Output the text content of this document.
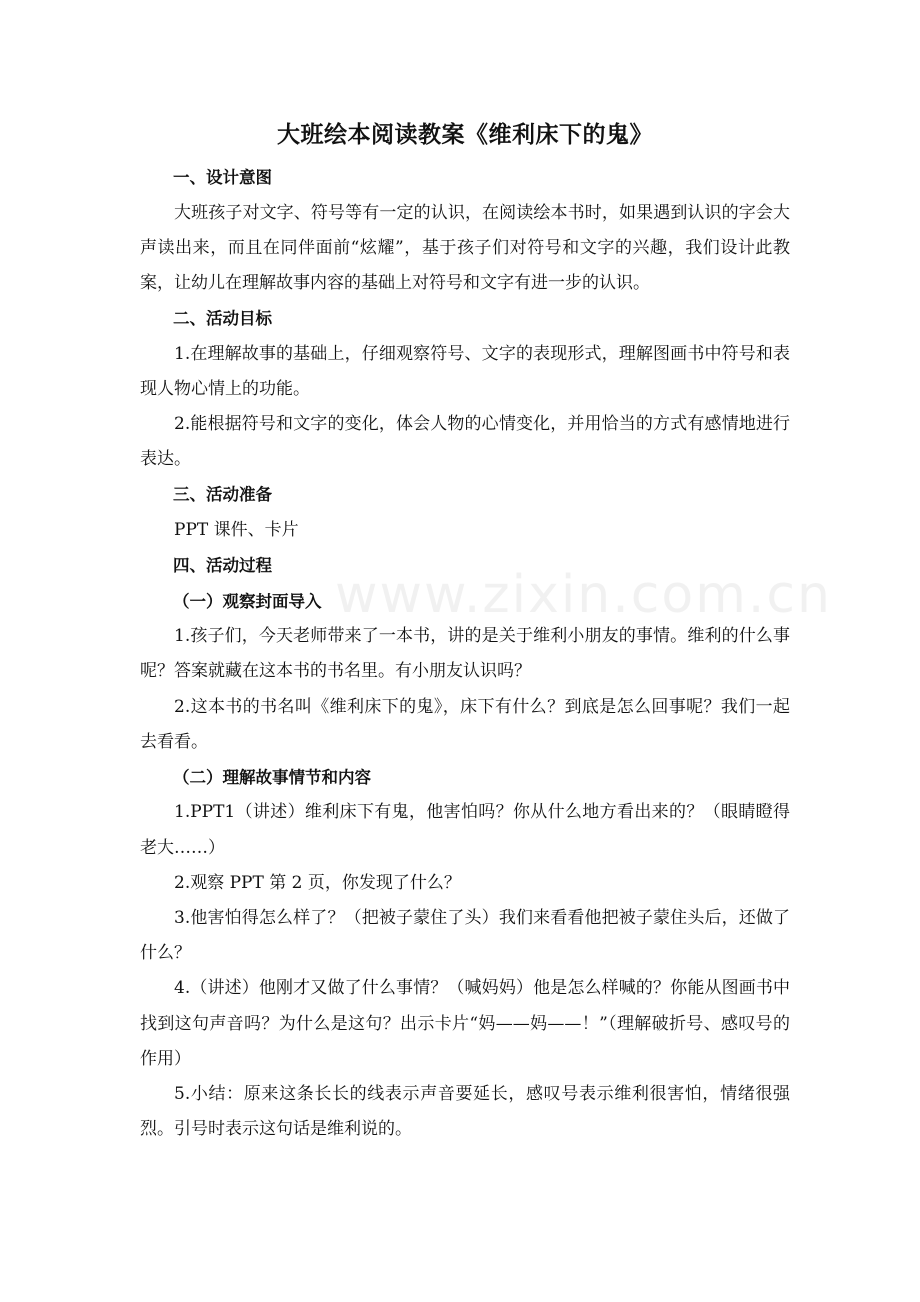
www.zixin.com.cn
大班绘本阅读教案《维利床下的鬼》

一、设计意图

大班孩子对文字、符号等有一定的认识，在阅读绘本书时，如果遇到认识的字会大声读出来，而且在同伴面前“炫耀”，基于孩子们对符号和文字的兴趣，我们设计此教案，让幼儿在理解故事内容的基础上对符号和文字有进一步的认识。

二、活动目标

1.在理解故事的基础上，仔细观察符号、文字的表现形式，理解图画书中符号和表现人物心情上的功能。

2.能根据符号和文字的变化，体会人物的心情变化，并用恰当的方式有感情地进行表达。

三、活动准备

PPT 课件、卡片

四、活动过程

（一）观察封面导入

1.孩子们，今天老师带来了一本书，讲的是关于维利小朋友的事情。维利的什么事呢？答案就藏在这本书的书名里。有小朋友认识吗？

2.这本书的书名叫《维利床下的鬼》，床下有什么？到底是怎么回事呢？我们一起去看看。

（二）理解故事情节和内容

1.PPT1（讲述）维利床下有鬼，他害怕吗？你从什么地方看出来的？（眼睛瞪得老大……）

2.观察 PPT 第 2 页，你发现了什么？

3.他害怕得怎么样了？（把被子蒙住了头）我们来看看他把被子蒙住头后，还做了什么？

4.（讲述）他刚才又做了什么事情？（喊妈妈）他是怎么样喊的？你能从图画书中找到这句声音吗？为什么是这句？出示卡片“妈——妈——！”（理解破折号、感叹号的作用）

5.小结：原来这条长长的线表示声音要延长，感叹号表示维利很害怕，情绪很强烈。引号时表示这句话是维利说的。
